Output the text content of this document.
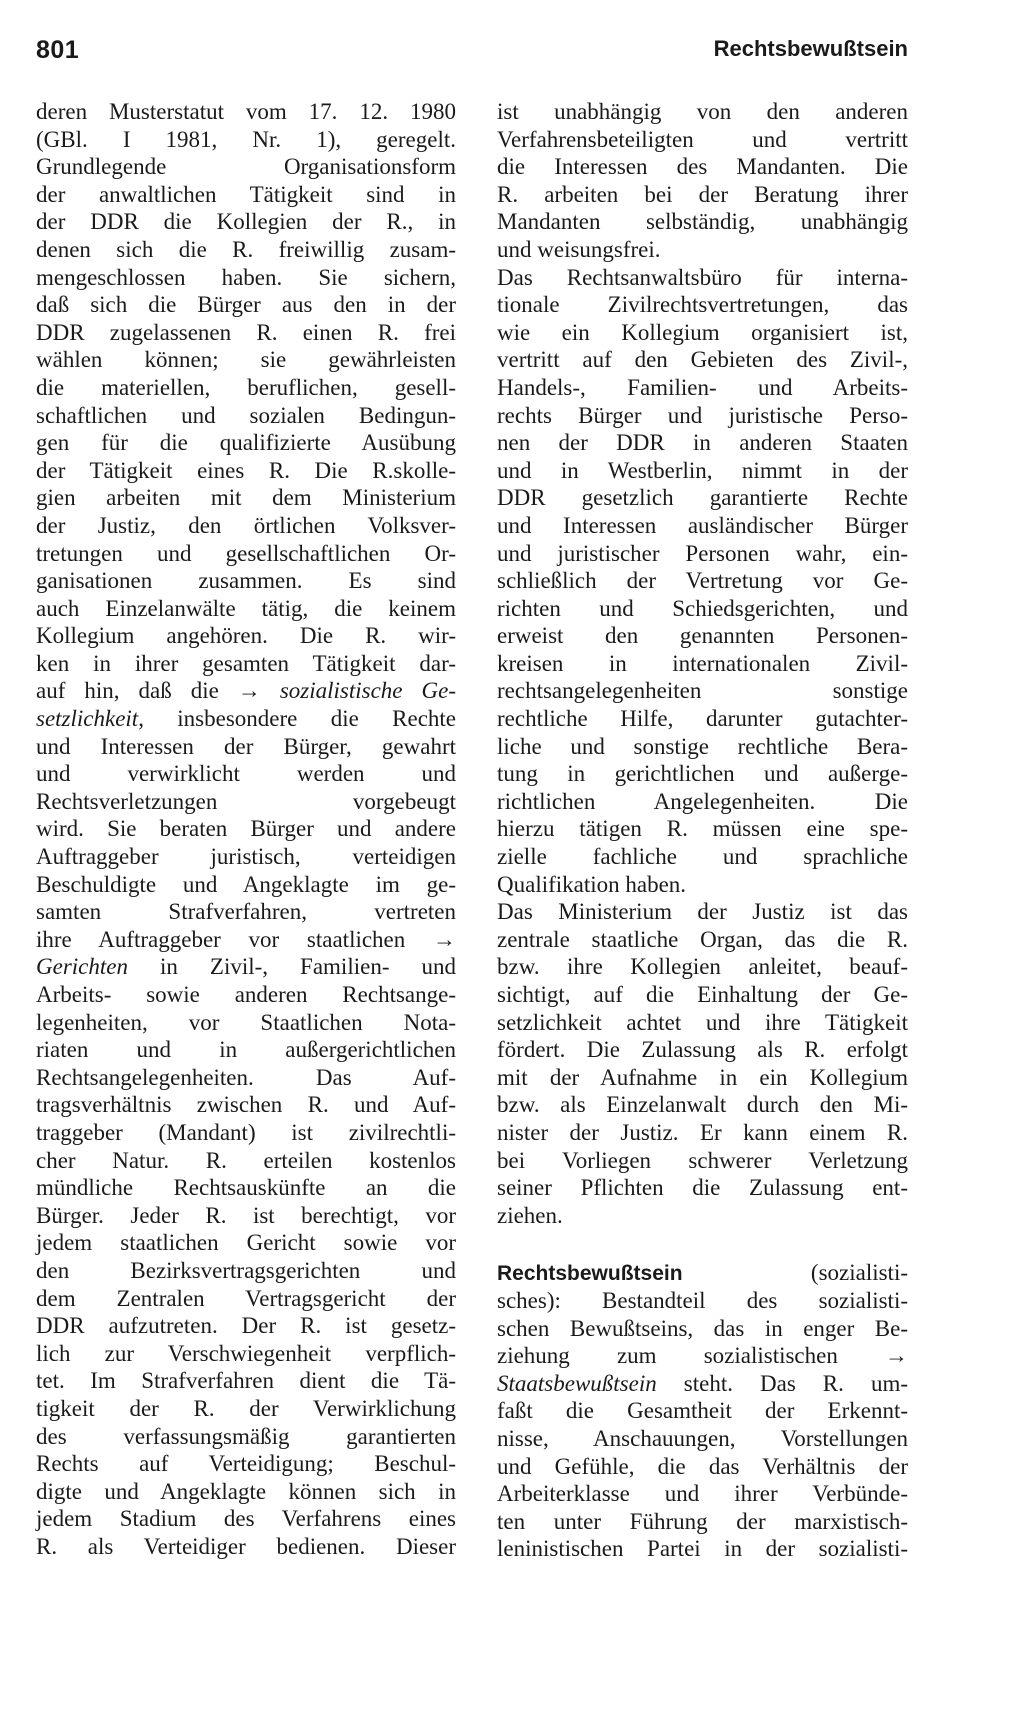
801	Rechtsbewußtsein
deren Musterstatut vom 17. 12. 1980
(GBl. I 1981, Nr. 1), geregelt.
Grundlegende Organisationsform
der anwaltlichen Tätigkeit sind in
der DDR die Kollegien der R., in
denen sich die R. freiwillig zusam-
mengeschlossen haben. Sie sichern,
daß sich die Bürger aus den in der
DDR zugelassenen R. einen R. frei
wählen können; sie gewährleisten
die materiellen, beruflichen, gesell-
schaftlichen und sozialen Bedingun-
gen für die qualifizierte Ausübung
der Tätigkeit eines R. Die R.skolle-
gien arbeiten mit dem Ministerium
der Justiz, den örtlichen Volksver-
tretungen und gesellschaftlichen Or-
ganisationen zusammen. Es sind
auch Einzelanwälte tätig, die keinem
Kollegium angehören. Die R. wir-
ken in ihrer gesamten Tätigkeit dar-
auf hin, daß die → sozialistische Ge-
setzlichkeit, insbesondere die Rechte
und Interessen der Bürger, gewahrt
und verwirklicht werden und
Rechtsverletzungen vorgebeugt
wird. Sie beraten Bürger und andere
Auftraggeber juristisch, verteidigen
Beschuldigte und Angeklagte im ge-
samten Strafverfahren, vertreten
ihre Auftraggeber vor staatlichen →
Gerichten in Zivil-, Familien- und
Arbeits- sowie anderen Rechtsange-
legenheiten, vor Staatlichen Nota-
riaten und in außergerichtlichen
Rechtsangelegenheiten. Das Auf-
tragsverhältnis zwischen R. und Auf-
traggeber (Mandant) ist zivilrechtli-
cher Natur. R. erteilen kostenlos
mündliche Rechtsauskünfte an die
Bürger. Jeder R. ist berechtigt, vor
jedem staatlichen Gericht sowie vor
den Bezirksvertragsgerichten und
dem Zentralen Vertragsgericht der
DDR aufzutreten. Der R. ist gesetz-
lich zur Verschwiegenheit verpflich-
tet. Im Strafverfahren dient die Tä-
tigkeit der R. der Verwirklichung
des verfassungsmäßig garantierten
Rechts auf Verteidigung; Beschul-
digte und Angeklagte können sich in
jedem Stadium des Verfahrens eines
R. als Verteidiger bedienen. Dieser
ist unabhängig von den anderen
Verfahrensbeteiligten und vertritt
die Interessen des Mandanten. Die
R. arbeiten bei der Beratung ihrer
Mandanten selbständig, unabhängig
und weisungsfrei.
Das Rechtsanwaltsbüro für interna-
tionale Zivilrechtsvertretungen, das
wie ein Kollegium organisiert ist,
vertritt auf den Gebieten des Zivil-,
Handels-, Familien- und Arbeits-
rechts Bürger und juristische Perso-
nen der DDR in anderen Staaten
und in Westberlin, nimmt in der
DDR gesetzlich garantierte Rechte
und Interessen ausländischer Bürger
und juristischer Personen wahr, ein-
schließlich der Vertretung vor Ge-
richten und Schiedsgerichten, und
erweist den genannten Personen-
kreisen in internationalen Zivil-
rechtsangelegenheiten sonstige
rechtliche Hilfe, darunter gutachter-
liche und sonstige rechtliche Bera-
tung in gerichtlichen und außerge-
richtlichen Angelegenheiten. Die
hierzu tätigen R. müssen eine spe-
zielle fachliche und sprachliche
Qualifikation haben.
Das Ministerium der Justiz ist das
zentrale staatliche Organ, das die R.
bzw. ihre Kollegien anleitet, beauf-
sichtigt, auf die Einhaltung der Ge-
setzlichkeit achtet und ihre Tätigkeit
fördert. Die Zulassung als R. erfolgt
mit der Aufnahme in ein Kollegium
bzw. als Einzelanwalt durch den Mi-
nister der Justiz. Er kann einem R.
bei Vorliegen schwerer Verletzung
seiner Pflichten die Zulassung ent-
ziehen.
Rechtsbewußtsein	(sozialisti-
sches): Bestandteil des sozialisti-
schen Bewußtseins, das in enger Be-
ziehung zum sozialistischen →
Staatsbewußtsein steht. Das R. um-
faßt die Gesamtheit der Erkennt-
nisse, Anschauungen, Vorstellungen
und Gefühle, die das Verhältnis der
Arbeiterklasse und ihrer Verbünde-
ten unter Führung der marxistisch-
leninistischen Partei in der sozialisti-
